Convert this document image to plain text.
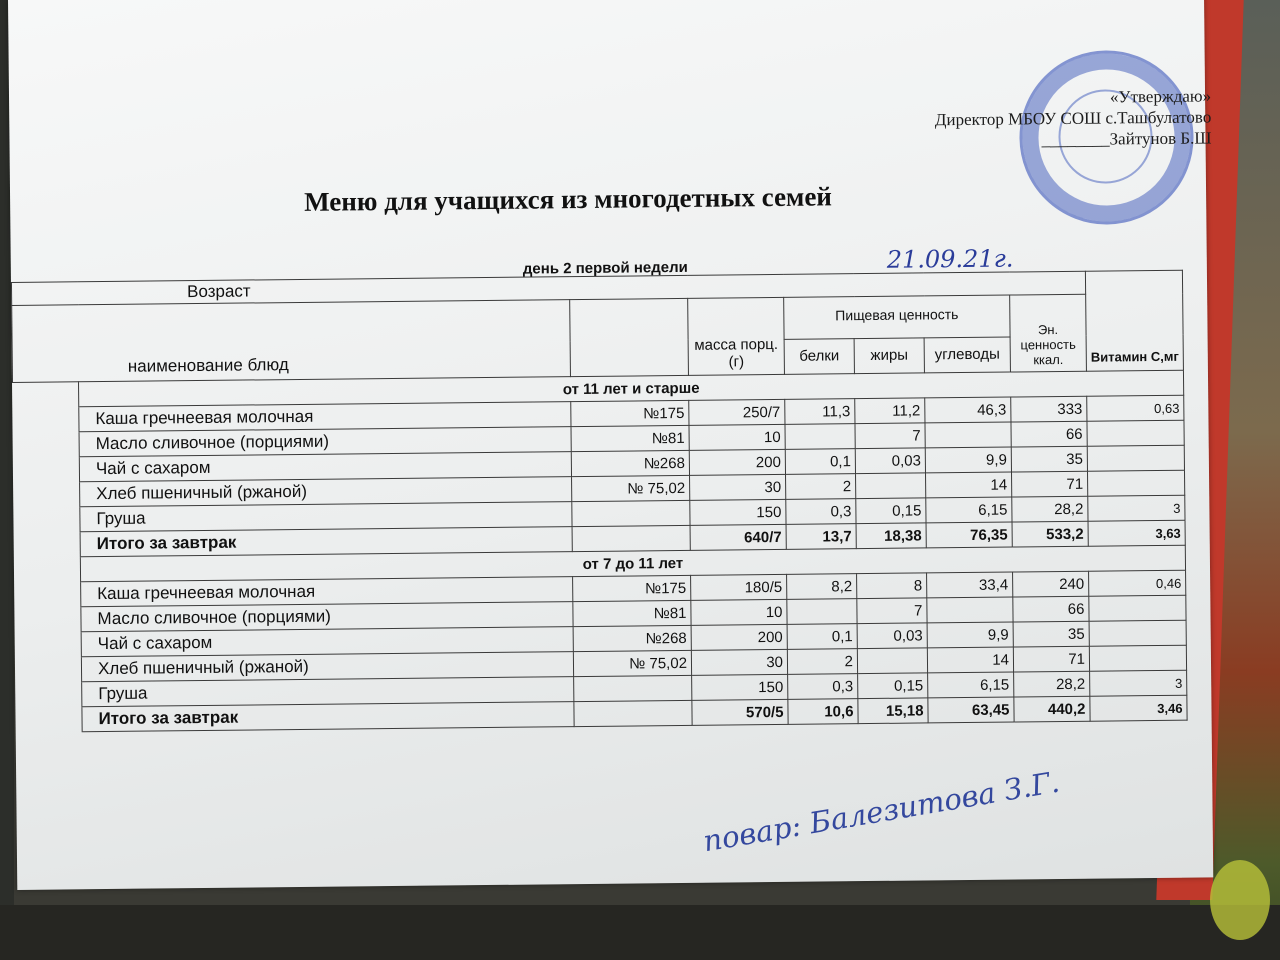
«Утверждаю»
Директор МБОУ СОШ с.Ташбулатово
________Зайтунов Б.Ш
Меню для учащихся из многодетных семей
день 2 первой недели	21.09.21г.
Возраст								Витамин С,мг
наименование блюд			масса порц. (г)	Пищевая ценность			Эн. ценность ккал.	
				белки	жиры	углеводы		
	от 11 лет и старше							
	Каша гречнеевая молочная	№175	250/7	11,3	11,2	46,3	333	0,63
	Масло сливочное (порциями)	№81	10		7		66	
	Чай с сахаром	№268	200	0,1	0,03	9,9	35	
	Хлеб пшеничный (ржаной)	№ 75,02	30	2		14	71	
	Груша		150	0,3	0,15	6,15	28,2	3
	Итого за завтрак		640/7	13,7	18,38	76,35	533,2	3,63
	от 7 до 11 лет							
	Каша гречнеевая молочная	№175	180/5	8,2	8	33,4	240	0,46
	Масло сливочное (порциями)	№81	10		7		66	
	Чай с сахаром	№268	200	0,1	0,03	9,9	35	
	Хлеб пшеничный (ржаной)	№ 75,02	30	2		14	71	
	Груша		150	0,3	0,15	6,15	28,2	3
	Итого за завтрак		570/5	10,6	15,18	63,45	440,2	3,46
повар: Балезитова З.Г.
